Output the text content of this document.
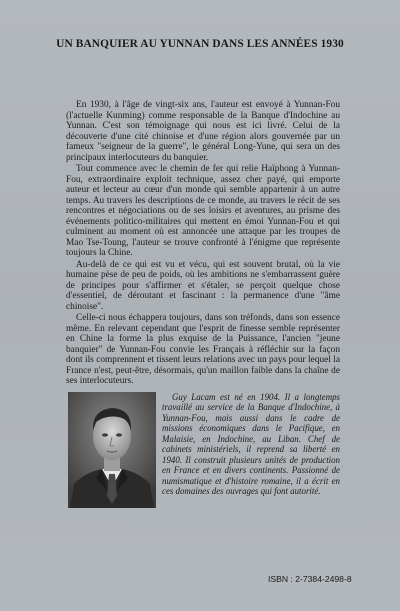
UN BANQUIER AU YUNNAN DANS LES ANNÉES 1930

En 1930, à l'âge de vingt-six ans, l'auteur est envoyé à Yunnan-Fou (l'actuelle Kunming) comme responsable de la Banque d'Indochine au Yunnan. C'est son témoignage qui nous est ici livré. Celui de la découverte d'une cité chinoise et d'une région alors gouvernée par un fameux "seigneur de la guerre", le général Long-Yune, qui sera un des principaux interlocuteurs du banquier.

Tout commence avec le chemin de fer qui relie Haïphong à Yunnan-Fou, extraordinaire exploit technique, assez cher payé, qui emporte auteur et lecteur au cœur d'un monde qui semble appartenir à un autre temps. Au travers les descriptions de ce monde, au travers le récit de ses rencontres et négociations ou de ses loisirs et aventures, au prisme des événements politico-militaires qui mettent en émoi Yunnan-Fou et qui culminent au moment où est annoncée une attaque par les troupes de Mao Tse-Toung, l'auteur se trouve confronté à l'énigme que représente toujours la Chine.

Au-delà de ce qui est vu et vécu, qui est souvent brutal, où la vie humaine pèse de peu de poids, où les ambitions ne s'embarrassent guère de principes pour s'affirmer et s'étaler, se perçoit quelque chose d'essentiel, de déroutant et fascinant : la permanence d'une "âme chinoise".

Celle-ci nous échappera toujours, dans son tréfonds, dans son essence même. En relevant cependant que l'esprit de finesse semble représenter en Chine la forme la plus exquise de la Puissance, l'ancien "jeune banquier" de Yunnan-Fou convie les Français à réfléchir sur la façon dont ils comprennent et tissent leurs relations avec un pays pour lequel la France n'est, peut-être, désormais, qu'un maillon faible dans la chaîne de ses interlocuteurs.

Guy Lacam est né en 1904. Il a longtemps travaillé au service de la Banque d'Indochine, à Yunnan-Fou, mais aussi dans le cadre de missions économiques dans le Pacifique, en Malaisie, en Indochine, au Liban. Chef de cabinets ministériels, il reprend sa liberté en 1940. Il construit plusieurs unités de production en France et en divers continents. Passionné de numismatique et d'histoire romaine, il a écrit en ces domaines des ouvrages qui font autorité.

ISBN : 2-7384-2498-8
